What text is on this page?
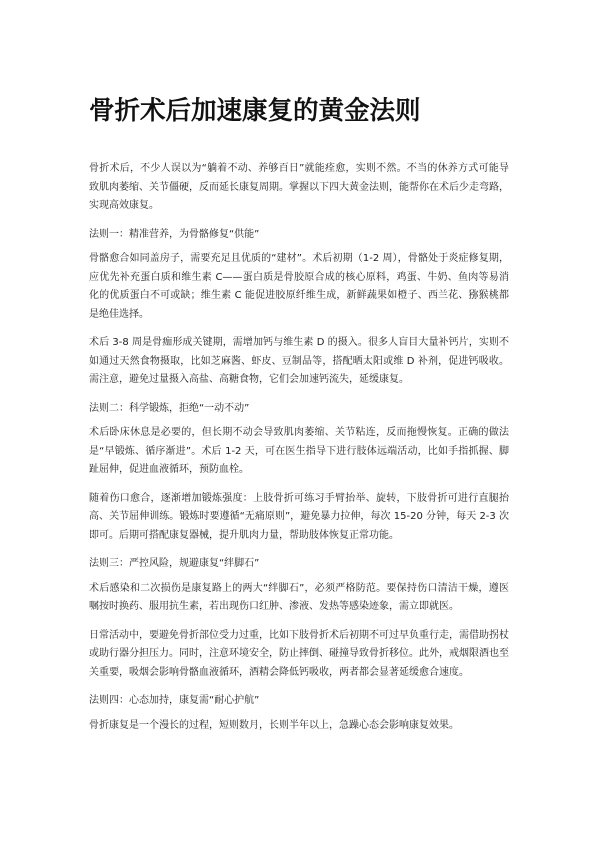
骨折术后加速康复的黄金法则

骨折术后，不少人误以为“躺着不动、养够百日”就能痊愈，实则不然。不当的休养方式可能导致肌肉萎缩、关节僵硬，反而延长康复周期。掌握以下四大黄金法则，能帮你在术后少走弯路，实现高效康复。

法则一：精准营养，为骨骼修复“供能”

骨骼愈合如同盖房子，需要充足且优质的“建材”。术后初期（1-2 周），骨骼处于炎症修复期，应优先补充蛋白质和维生素 C——蛋白质是骨胶原合成的核心原料，鸡蛋、牛奶、鱼肉等易消化的优质蛋白不可或缺；维生素 C 能促进胶原纤维生成，新鲜蔬果如橙子、西兰花、猕猴桃都是绝佳选择。

术后 3-8 周是骨痂形成关键期，需增加钙与维生素 D 的摄入。很多人盲目大量补钙片，实则不如通过天然食物摄取，比如芝麻酱、虾皮、豆制品等，搭配晒太阳或维 D 补剂，促进钙吸收。需注意，避免过量摄入高盐、高糖食物，它们会加速钙流失，延缓康复。

法则二：科学锻炼，拒绝“一动不动”

术后卧床休息是必要的，但长期不动会导致肌肉萎缩、关节粘连，反而拖慢恢复。正确的做法是“早锻炼、循序渐进”。术后 1-2 天，可在医生指导下进行肢体远端活动，比如手指抓握、脚趾屈伸，促进血液循环，预防血栓。

随着伤口愈合，逐渐增加锻炼强度：上肢骨折可练习手臂抬举、旋转，下肢骨折可进行直腿抬高、关节屈伸训练。锻炼时要遵循“无痛原则”，避免暴力拉伸，每次 15-20 分钟，每天 2-3 次即可。后期可搭配康复器械，提升肌肉力量，帮助肢体恢复正常功能。

法则三：严控风险，规避康复“绊脚石”

术后感染和二次损伤是康复路上的两大“绊脚石”，必须严格防范。要保持伤口清洁干燥，遵医嘱按时换药、服用抗生素，若出现伤口红肿、渗液、发热等感染迹象，需立即就医。

日常活动中，要避免骨折部位受力过重，比如下肢骨折术后初期不可过早负重行走，需借助拐杖或助行器分担压力。同时，注意环境安全，防止摔倒、碰撞导致骨折移位。此外，戒烟限酒也至关重要，吸烟会影响骨骼血液循环，酒精会降低钙吸收，两者都会显著延缓愈合速度。

法则四：心态加持，康复需“耐心护航”

骨折康复是一个漫长的过程，短则数月，长则半年以上，急躁心态会影响康复效果。
